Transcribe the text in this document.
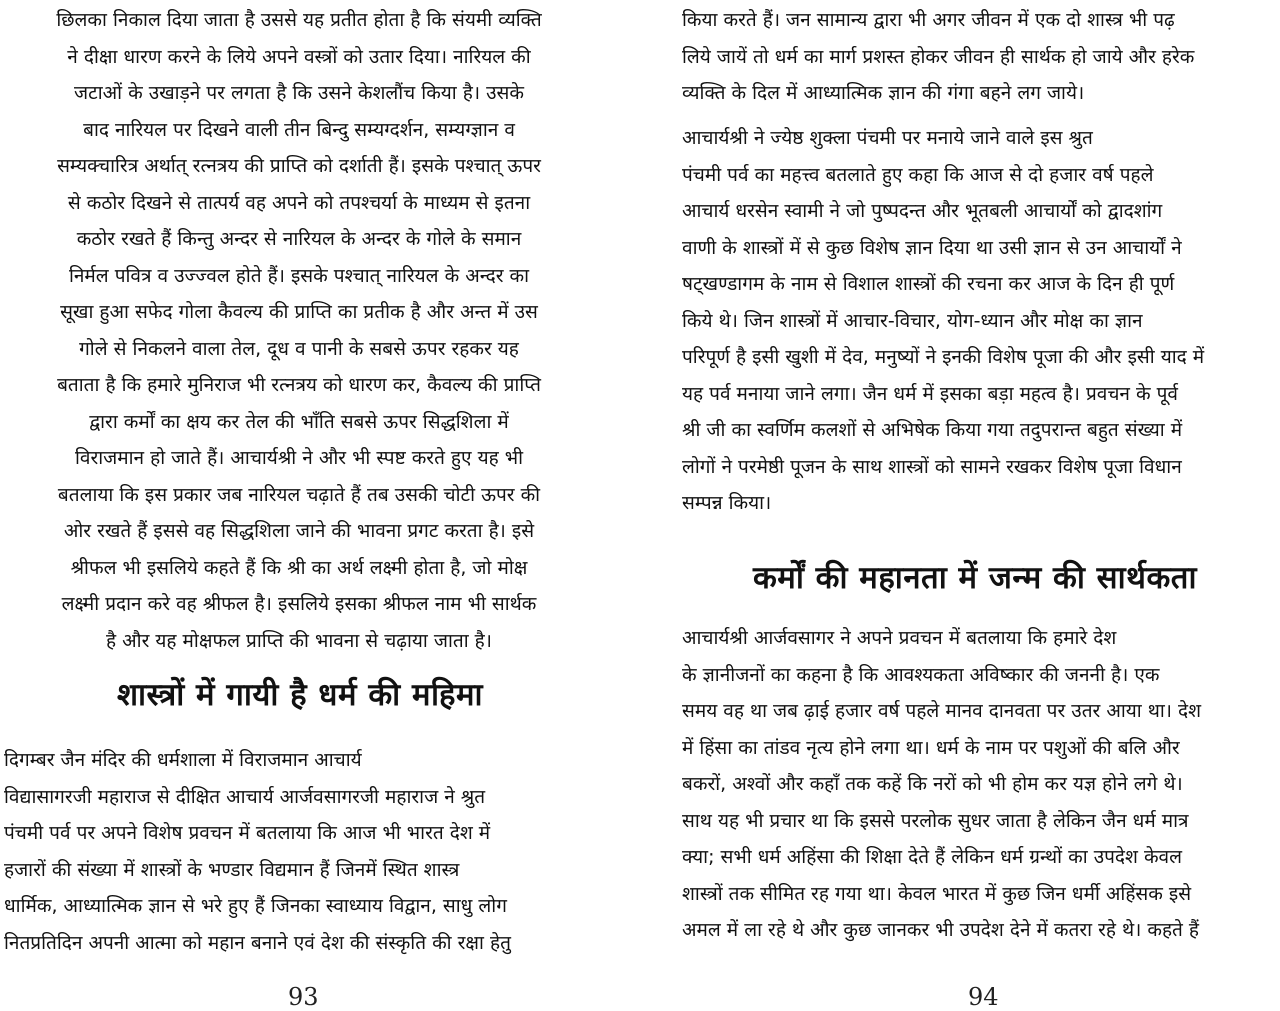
छिलका निकाल दिया जाता है उससे यह प्रतीत होता है कि संयमी व्यक्ति
ने दीक्षा धारण करने के लिये अपने वस्त्रों को उतार दिया। नारियल की
जटाओं के उखाड़ने पर लगता है कि उसने केशलौंच किया है। उसके
बाद नारियल पर दिखने वाली तीन बिन्दु सम्यग्दर्शन, सम्यग्ज्ञान व
सम्यक्चारित्र अर्थात् रत्नत्रय की प्राप्ति को दर्शाती हैं। इसके पश्चात् ऊपर
से कठोर दिखने से तात्पर्य वह अपने को तपश्चर्या के माध्यम से इतना
कठोर रखते हैं किन्तु अन्दर से नारियल के अन्दर के गोले के समान
निर्मल पवित्र व उज्ज्वल होते हैं। इसके पश्चात् नारियल के अन्दर का
सूखा हुआ सफेद गोला कैवल्य की प्राप्ति का प्रतीक है और अन्त में उस
गोले से निकलने वाला तेल, दूध व पानी के सबसे ऊपर रहकर यह
बताता है कि हमारे मुनिराज भी रत्नत्रय को धारण कर, कैवल्य की प्राप्ति
द्वारा कर्मों का क्षय कर तेल की भाँति सबसे ऊपर सिद्धशिला में
विराजमान हो जाते हैं। आचार्यश्री ने और भी स्पष्ट करते हुए यह भी
बतलाया कि इस प्रकार जब नारियल चढ़ाते हैं तब उसकी चोटी ऊपर की
ओर रखते हैं इससे वह सिद्धशिला जाने की भावना प्रगट करता है। इसे
श्रीफल भी इसलिये कहते हैं कि श्री का अर्थ लक्ष्मी होता है, जो मोक्ष
लक्ष्मी प्रदान करे वह श्रीफल है। इसलिये इसका श्रीफल नाम भी सार्थक
है और यह मोक्षफल प्राप्ति की भावना से चढ़ाया जाता है।
शास्त्रों में गायी है धर्म की महिमा
दिगम्बर जैन मंदिर की धर्मशाला में विराजमान आचार्य
विद्यासागरजी महाराज से दीक्षित आचार्य आर्जवसागरजी महाराज ने श्रुत
पंचमी पर्व पर अपने विशेष प्रवचन में बतलाया कि आज भी भारत देश में
हजारों की संख्या में शास्त्रों के भण्डार विद्यमान हैं जिनमें स्थित शास्त्र
धार्मिक, आध्यात्मिक ज्ञान से भरे हुए हैं जिनका स्वाध्याय विद्वान, साधु लोग
नितप्रतिदिन अपनी आत्मा को महान बनाने एवं देश की संस्कृति की रक्षा हेतु
93
किया करते हैं। जन सामान्य द्वारा भी अगर जीवन में एक दो शास्त्र भी पढ़
लिये जायें तो धर्म का मार्ग प्रशस्त होकर जीवन ही सार्थक हो जाये और हरेक
व्यक्ति के दिल में आध्यात्मिक ज्ञान की गंगा बहने लग जाये।
आचार्यश्री ने ज्येष्ठ शुक्ला पंचमी पर मनाये जाने वाले इस श्रुत
पंचमी पर्व का महत्त्व बतलाते हुए कहा कि आज से दो हजार वर्ष पहले
आचार्य धरसेन स्वामी ने जो पुष्पदन्त और भूतबली आचार्यों को द्वादशांग
वाणी के शास्त्रों में से कुछ विशेष ज्ञान दिया था उसी ज्ञान से उन आचार्यों ने
षट्खण्डागम के नाम से विशाल शास्त्रों की रचना कर आज के दिन ही पूर्ण
किये थे। जिन शास्त्रों में आचार-विचार, योग-ध्यान और मोक्ष का ज्ञान
परिपूर्ण है इसी खुशी में देव, मनुष्यों ने इनकी विशेष पूजा की और इसी याद में
यह पर्व मनाया जाने लगा। जैन धर्म में इसका बड़ा महत्व है। प्रवचन के पूर्व
श्री जी का स्वर्णिम कलशों से अभिषेक किया गया तदुपरान्त बहुत संख्या में
लोगों ने परमेष्ठी पूजन के साथ शास्त्रों को सामने रखकर विशेष पूजा विधान
सम्पन्न किया।
कर्मों की महानता में जन्म की सार्थकता
आचार्यश्री आर्जवसागर ने अपने प्रवचन में बतलाया कि हमारे देश
के ज्ञानीजनों का कहना है कि आवश्यकता अविष्कार की जननी है। एक
समय वह था जब ढ़ाई हजार वर्ष पहले मानव दानवता पर उतर आया था। देश
में हिंसा का तांडव नृत्य होने लगा था। धर्म के नाम पर पशुओं की बलि और
बकरों, अश्वों और कहाँ तक कहें कि नरों को भी होम कर यज्ञ होने लगे थे।
साथ यह भी प्रचार था कि इससे परलोक सुधर जाता है लेकिन जैन धर्म मात्र
क्या; सभी धर्म अहिंसा की शिक्षा देते हैं लेकिन धर्म ग्रन्थों का उपदेश केवल
शास्त्रों तक सीमित रह गया था। केवल भारत में कुछ जिन धर्मी अहिंसक इसे
अमल में ला रहे थे और कुछ जानकर भी उपदेश देने में कतरा रहे थे। कहते हैं
94
